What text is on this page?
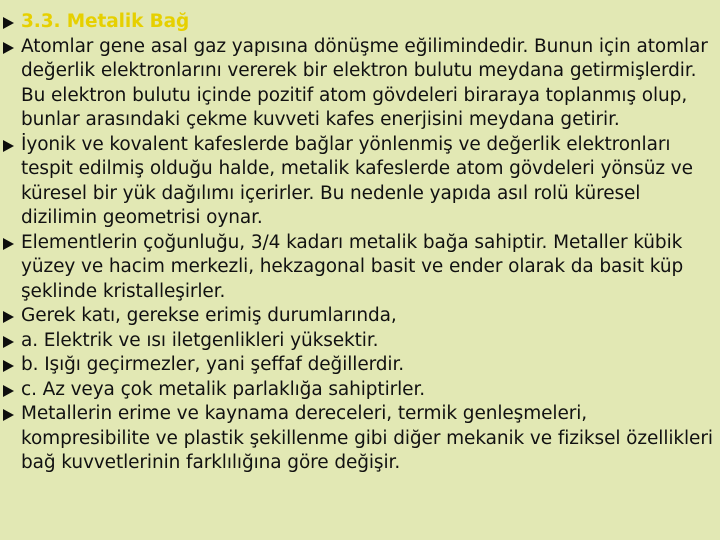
3.3. Metalik Bağ
Atomlar gene asal gaz yapısına dönüşme eğilimindedir. Bunun için atomlar değerlik elektronlarını vererek bir elektron bulutu meydana getirmişlerdir. Bu elektron bulutu içinde pozitif atom gövdeleri biraraya toplanmış olup, bunlar arasındaki çekme kuvveti kafes enerjisini meydana getirir.
İyonik ve kovalent kafeslerde bağlar yönlenmiş ve değerlik elektronları tespit edilmiş olduğu halde, metalik kafeslerde atom gövdeleri yönsüz ve küresel bir yük dağılımı içerirler. Bu nedenle yapıda asıl rolü küresel dizilimin geometrisi oynar.
Elementlerin çoğunluğu, 3/4 kadarı metalik bağa sahiptir. Metaller kübik yüzey ve hacim merkezli, hekzagonal basit ve ender olarak da basit küp şeklinde kristalleşirler.
Gerek katı, gerekse erimiş durumlarında,
a. Elektrik ve ısı iletgenlikleri yüksektir.
b. Işığı geçirmezler, yani şeffaf değillerdir.
c. Az veya çok metalik parlaklığa sahiptirler.
Metallerin erime ve kaynama dereceleri, termik genleşmeleri, kompresibilite ve plastik şekillenme gibi diğer mekanik ve fiziksel özellikleri bağ kuvvetlerinin farklılığına göre değişir.
